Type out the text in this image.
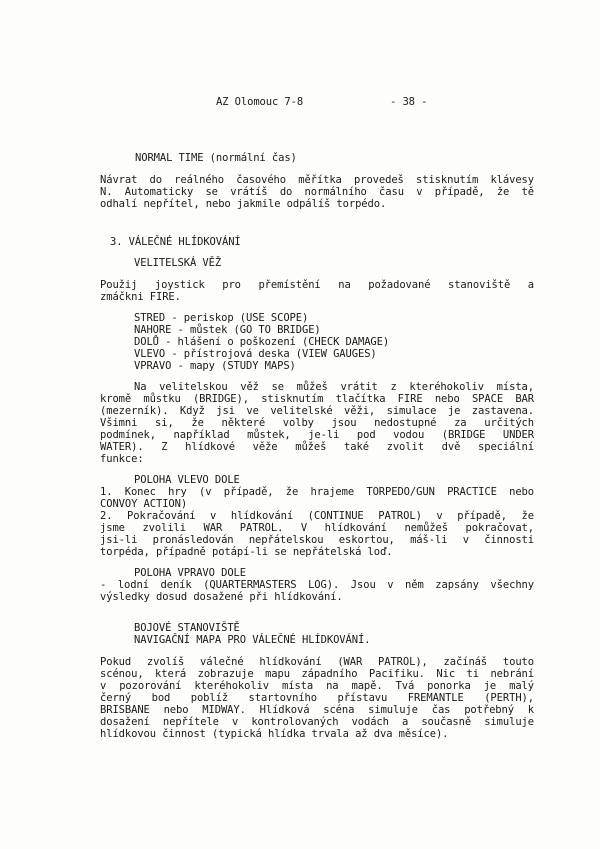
AZ Olomouc 7-8	- 38 -
NORMAL TIME (normální čas)
Návrat do reálného časového měřítka provedeš stisknutím klávesy
N. Automaticky se vrátíš do normálního času v případě, že tě
odhalí nepřítel, nebo jakmile odpálíš torpédo.
3. VÁLEČNÉ HLÍDKOVÁNÍ
VELITELSKÁ VĚŽ
Použij joystick pro přemístění na požadované stanoviště a
zmáčkni FIRE.
STRED - periskop (USE SCOPE)
NAHORE - můstek (GO TO BRIDGE)
DOLŮ - hlášení o poškození (CHECK DAMAGE)
VLEVO - přístrojová deska (VIEW GAUGES)
VPRAVO - mapy (STUDY MAPS)
Na velitelskou věž se můžeš vrátit z kteréhokoliv místa,
kromě můstku (BRIDGE), stisknutím tlačítka FIRE nebo SPACE BAR
(mezerník). Když jsi ve velitelské věži, simulace je zastavena.
Všimni si, že některé volby jsou nedostupné za určitých
podmínek, například můstek, je-li pod vodou (BRIDGE UNDER
WATER). Z hlídkové věže můžeš také zvolit dvě speciální
funkce:
POLOHA VLEVO DOLE
1. Konec hry (v případě, že hrajeme TORPEDO/GUN PRACTICE nebo
CONVOY ACTION)
2. Pokračování v hlídkování (CONTINUE PATROL) v případě, že
jsme zvolili WAR PATROL. V hlídkování nemůžeš pokračovat,
jsi-li pronásledován nepřátelskou eskortou, máš-li v činnosti
torpéda, případně potápí-li se nepřátelská loď.
POLOHA VPRAVO DOLE
- lodní deník (QUARTERMASTERS LOG). Jsou v něm zapsány všechny
výsledky dosud dosažené při hlídkování.
BOJOVÉ STANOVIŠTĚ
NAVIGAČNÍ MAPA PRO VÁLEČNÉ HLÍDKOVÁNÍ.
Pokud zvolíš válečné hlídkování (WAR PATROL), začínáš touto
scénou, která zobrazuje mapu západního Pacifiku. Nic ti nebrání
v pozorování kteréhokoliv místa na mapě. Tvá ponorka je malý
černý bod poblíž startovního přístavu FREMANTLE (PERTH),
BRISBANE nebo MIDWAY. Hlídková scéna simuluje čas potřebný k
dosažení nepřítele v kontrolovaných vodách a současně simuluje
hlídkovou činnost (typická hlídka trvala až dva měsíce).
